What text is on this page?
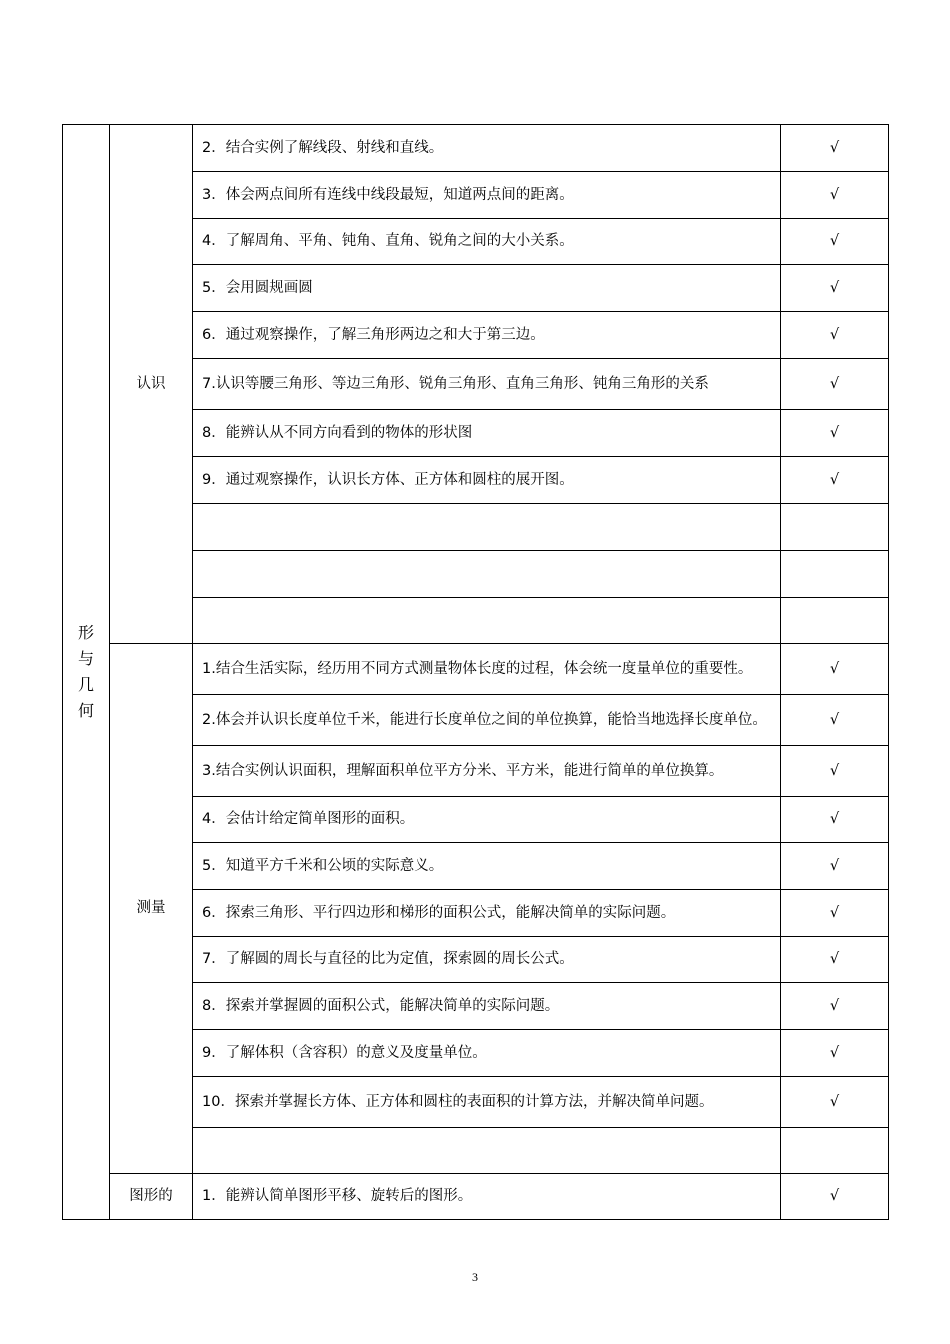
形与几何	认识	2．结合实例了解线段、射线和直线。	√
		3．体会两点间所有连线中线段最短，知道两点间的距离。	√
		4．了解周角、平角、钝角、直角、锐角之间的大小关系。	√
		5．会用圆规画圆	√
		6．通过观察操作，了解三角形两边之和大于第三边。	√
		7.认识等腰三角形、等边三角形、锐角三角形、直角三角形、钝角三角形的关系	√
		8．能辨认从不同方向看到的物体的形状图	√
		9．通过观察操作，认识长方体、正方体和圆柱的展开图。	√

	测量	1.结合生活实际，经历用不同方式测量物体长度的过程，体会统一度量单位的重要性。	√
		2.体会并认识长度单位千米，能进行长度单位之间的单位换算，能恰当地选择长度单位。	√
		3.结合实例认识面积，理解面积单位平方分米、平方米，能进行简单的单位换算。	√
		4．会估计给定简单图形的面积。	√
		5．知道平方千米和公顷的实际意义。	√
		6．探索三角形、平行四边形和梯形的面积公式，能解决简单的实际问题。	√
		7．了解圆的周长与直径的比为定值，探索圆的周长公式。	√
		8．探索并掌握圆的面积公式，能解决简单的实际问题。	√
		9．了解体积（含容积）的意义及度量单位。	√
		10．探索并掌握长方体、正方体和圆柱的表面积的计算方法，并解决简单问题。	√

	图形的	1．能辨认简单图形平移、旋转后的图形。	√
3
